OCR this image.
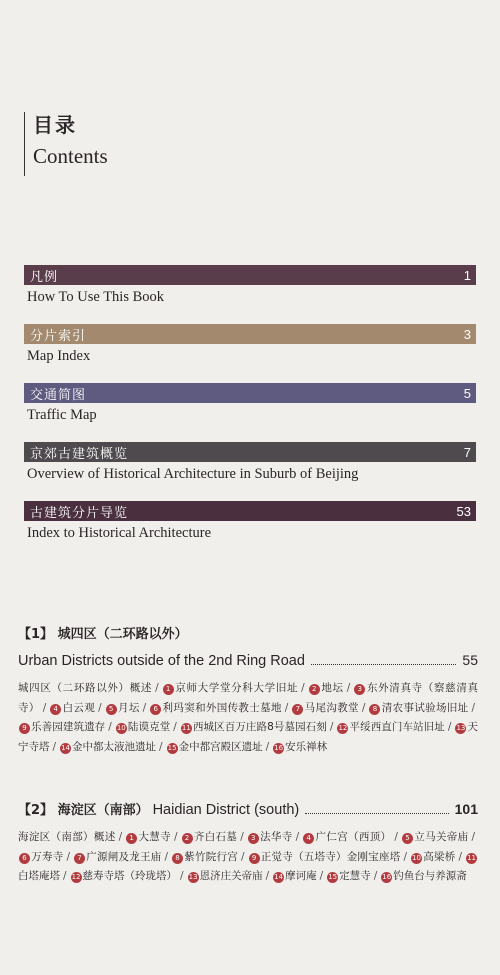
目录
Contents
凡例	1
How To Use This Book
分片索引	3
Map Index
交通简图	5
Traffic Map
京郊古建筑概览	7
Overview of Historical Architecture in Suburb of Beijing
古建筑分片导览	53
Index to Historical Architecture
【1】 城四区（二环路以外）
Urban Districts outside of the 2nd Ring Road	55
城四区（二环路以外）概述 / 1 京师大学堂分科大学旧址 / 2 地坛 / 3 东外清真寺（察慈清真寺） / 4 白云观 / 5 月坛 / 6 利玛窦和外国传教士墓地 / 7 马尾沟教堂 / 8 清农事试验场旧址 /9 乐善园建筑遗存 / 10 陆谟克堂 / 11 西城区百万庄路8号墓园石刻 / 12 平绥西直门车站旧址 / 13 天宁寺塔 / 14 金中都太液池遗址 / 15 金中都宫殿区遗址 / 16 安乐禅林
【2】 海淀区（南部） Haidian District (south)	101
海淀区（南部）概述 / 1 大慧寺 / 2 齐白石墓 / 3 法华寺 / 4 广仁宫（西顶） / 5 立马关帝庙 /6 万寿寺 / 7 广源闸及龙王庙 / 8 紫竹院行宫 / 9 正觉寺（五塔寺）金刚宝座塔 / 10 高梁桥 / 11白塔庵塔 / 12 慈寿寺塔（玲珑塔） / 13 恩济庄关帝庙 / 14 摩诃庵 / 15 定慧寺 / 16 钓鱼台与养源斋
